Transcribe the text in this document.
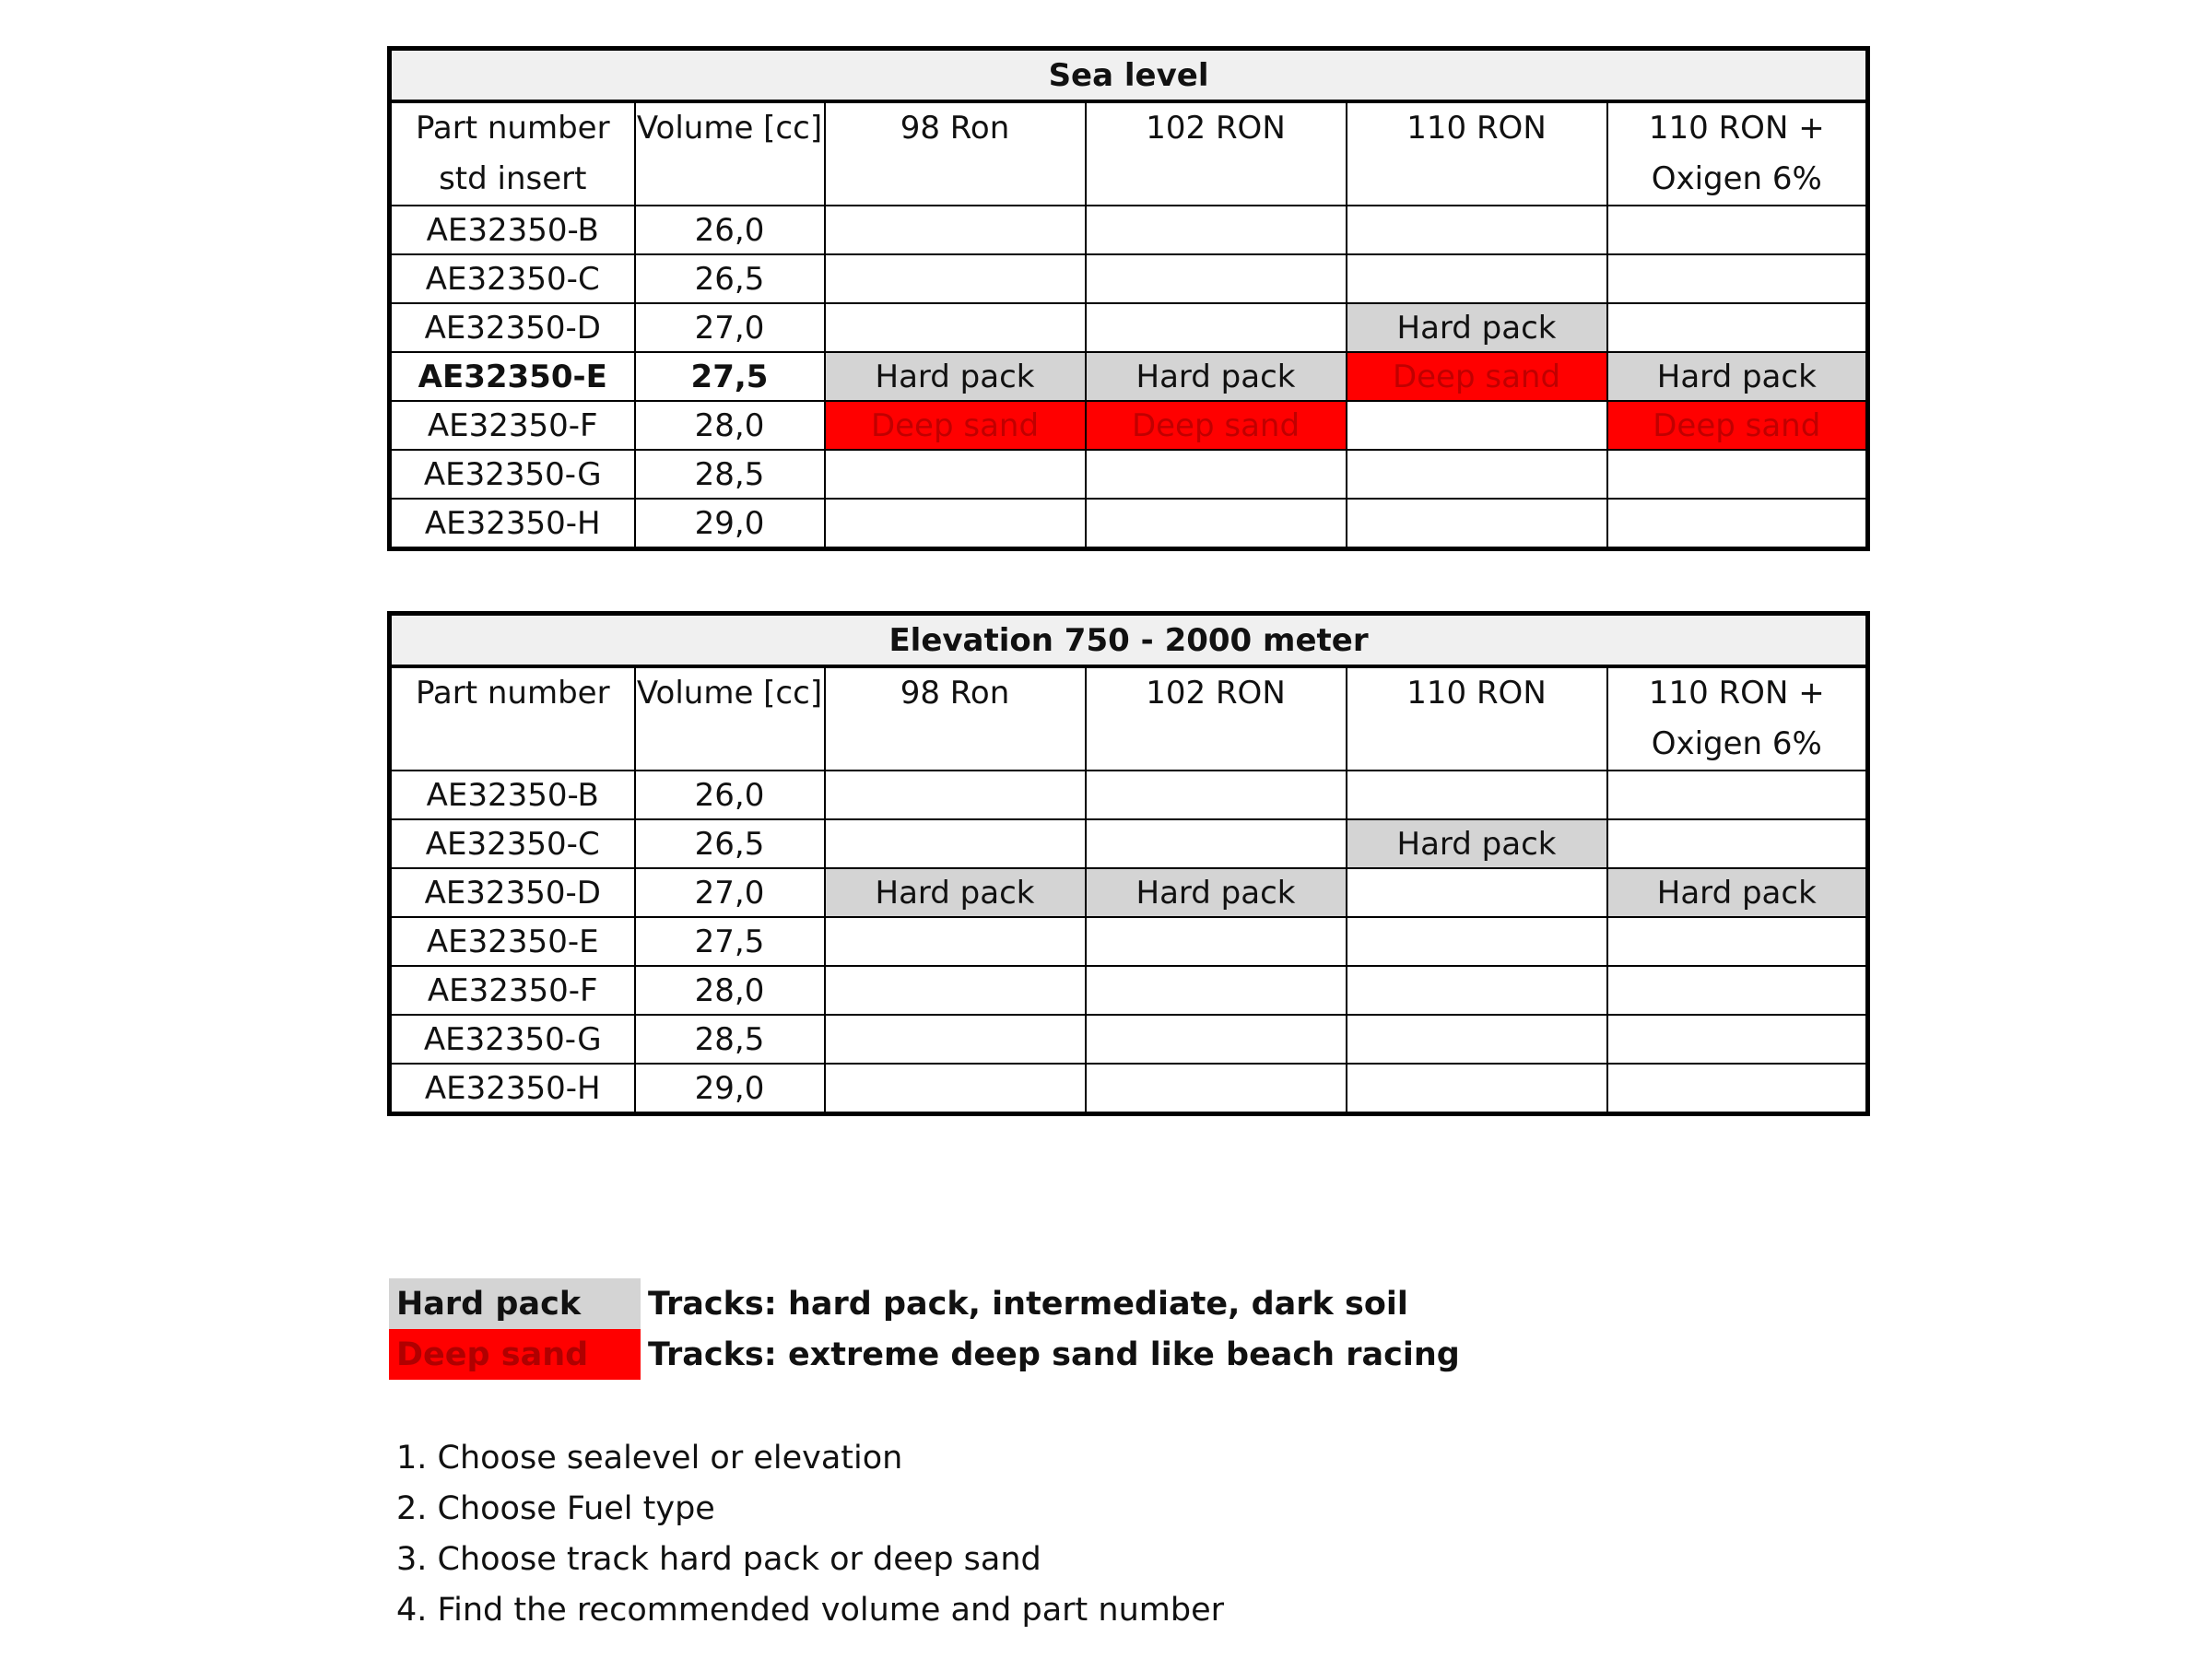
Sea level					
Part number std insert	Volume [cc]	98 Ron	102 RON	110 RON	110 RON + Oxigen 6%
AE32350-B	26,0				
AE32350-C	26,5				
AE32350-D	27,0			Hard pack	
AE32350-E	27,5	Hard pack	Hard pack	Deep sand	Hard pack
AE32350-F	28,0	Deep sand	Deep sand		Deep sand
AE32350-G	28,5				
AE32350-H	29,0				
Elevation 750 - 2000 meter					
Part number	Volume [cc]	98 Ron	102 RON	110 RON	110 RON + Oxigen 6%
AE32350-B	26,0				
AE32350-C	26,5			Hard pack	
AE32350-D	27,0	Hard pack	Hard pack		Hard pack
AE32350-E	27,5				
AE32350-F	28,0				
AE32350-G	28,5				
AE32350-H	29,0				
Hard pack	Tracks: hard pack, intermediate, dark soil
Deep sand	Tracks: extreme deep sand like beach racing
1. Choose sealevel or elevation
2. Choose Fuel type
3. Choose track hard pack or deep sand
4. Find the recommended volume and part number
